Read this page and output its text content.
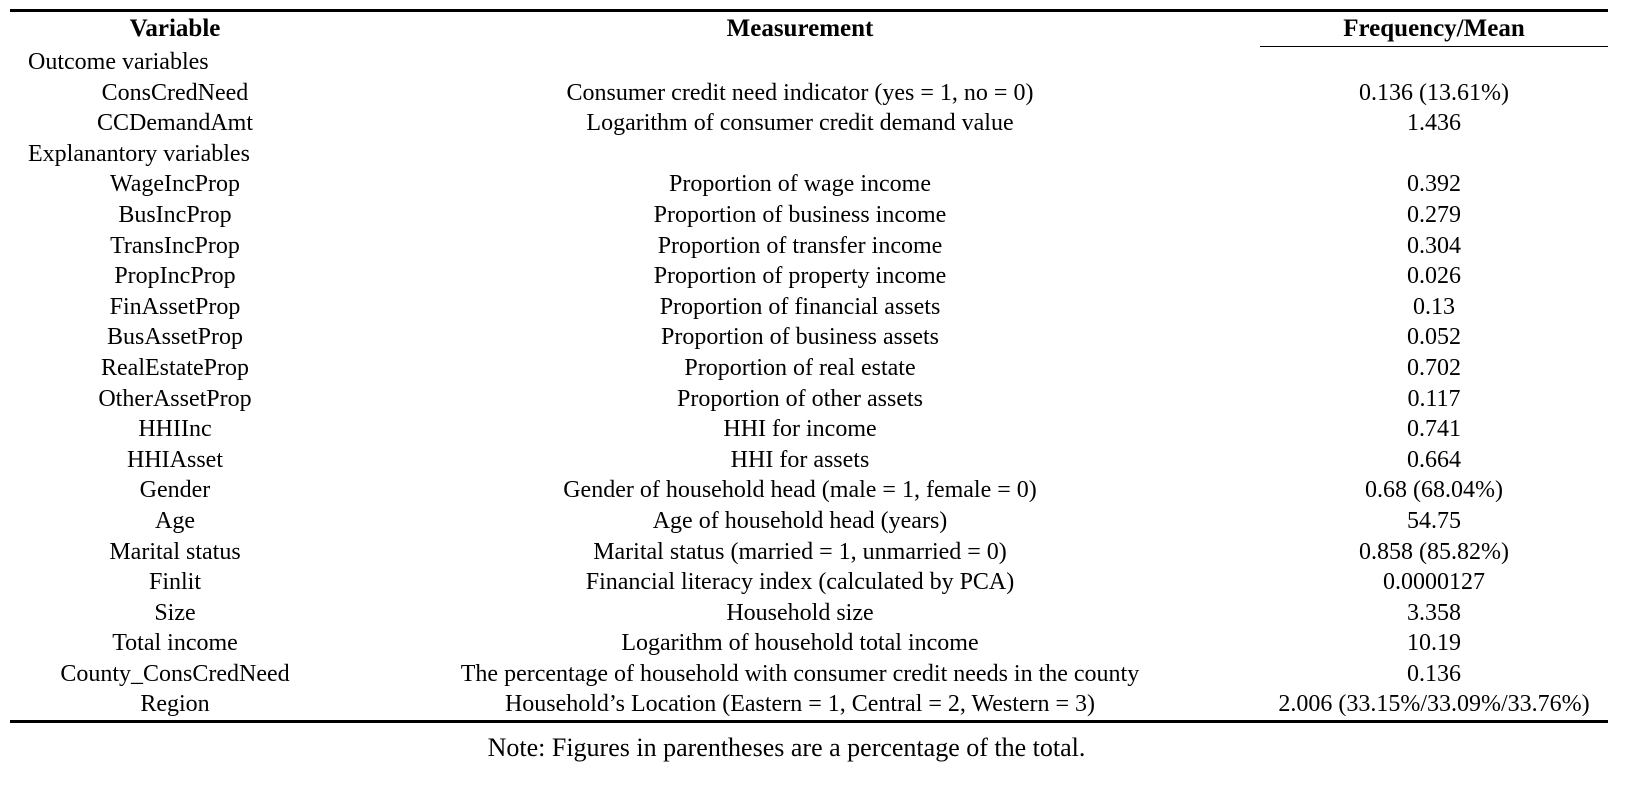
Variable	Measurement	Frequency/Mean
Outcome variables		
ConsCredNeed	Consumer credit need indicator (yes = 1, no = 0)	0.136 (13.61%)
CCDemandAmt	Logarithm of consumer credit demand value	1.436
Explanantory variables		
WageIncProp	Proportion of wage income	0.392
BusIncProp	Proportion of business income	0.279
TransIncProp	Proportion of transfer income	0.304
PropIncProp	Proportion of property income	0.026
FinAssetProp	Proportion of financial assets	0.13
BusAssetProp	Proportion of business assets	0.052
RealEstateProp	Proportion of real estate	0.702
OtherAssetProp	Proportion of other assets	0.117
HHIInc	HHI for income	0.741
HHIAsset	HHI for assets	0.664
Gender	Gender of household head (male = 1, female = 0)	0.68 (68.04%)
Age	Age of household head (years)	54.75
Marital status	Marital status (married = 1, unmarried = 0)	0.858 (85.82%)
Finlit	Financial literacy index (calculated by PCA)	0.0000127
Size	Household size	3.358
Total income	Logarithm of household total income	10.19
County_ConsCredNeed	The percentage of household with consumer credit needs in the county	0.136
Region	Household’s Location (Eastern = 1, Central = 2, Western = 3)	2.006 (33.15%/33.09%/33.76%)
Note: Figures in parentheses are a percentage of the total.
